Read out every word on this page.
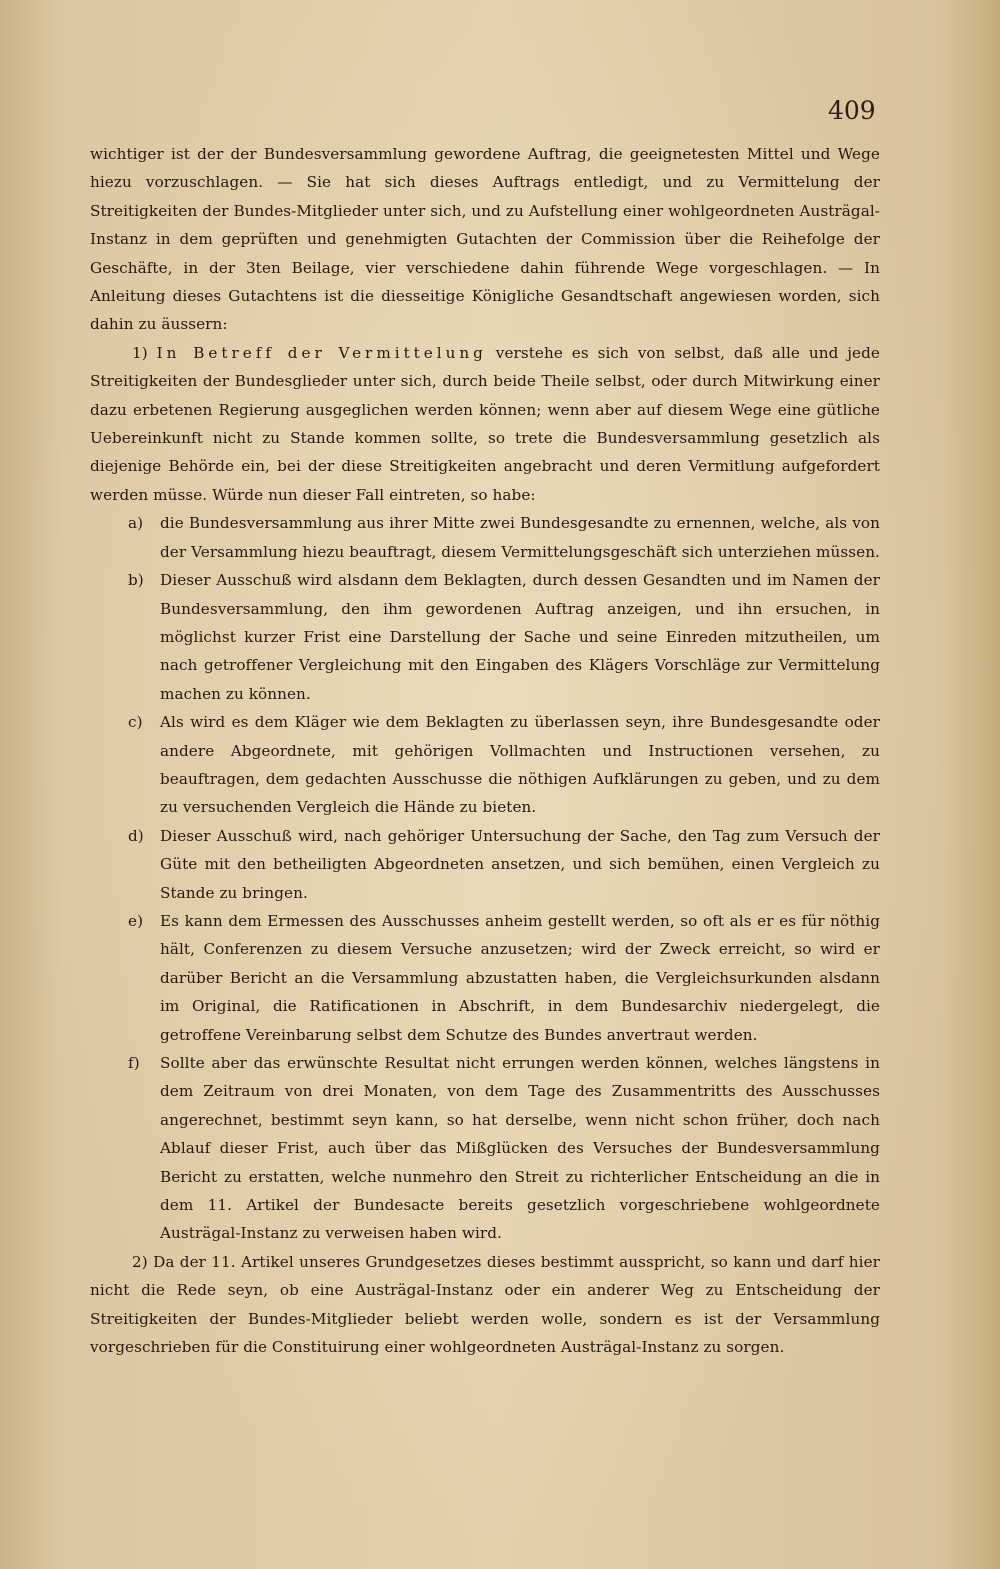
409

wichtiger ist der der Bundesversammlung gewordene Auftrag, die geeignetesten Mittel und Wege hiezu vorzuschlagen. — Sie hat sich dieses Auftrags entledigt, und zu Vermittelung der Streitigkeiten der Bundes-Mitglieder unter sich, und zu Aufstellung einer wohlgeordneten Austrägal-Instanz in dem geprüften und genehmigten Gutachten der Commission über die Reihefolge der Geschäfte, in der 3ten Beilage, vier verschiedene dahin führende Wege vorgeschlagen. — In Anleitung dieses Gutachtens ist die diesseitige Königliche Gesandtschaft angewiesen worden, sich dahin zu äussern:

1) In Betreff der Vermittelung verstehe es sich von selbst, daß alle und jede Streitigkeiten der Bundesglieder unter sich, durch beide Theile selbst, oder durch Mitwirkung einer dazu erbetenen Regierung ausgeglichen werden können; wenn aber auf diesem Wege eine gütliche Uebereinkunft nicht zu Stande kommen sollte, so trete die Bundesversammlung gesetzlich als diejenige Behörde ein, bei der diese Streitigkeiten angebracht und deren Vermitlung aufgefordert werden müsse. Würde nun dieser Fall eintreten, so habe:

a) die Bundesversammlung aus ihrer Mitte zwei Bundesgesandte zu ernennen, welche, als von der Versammlung hiezu beauftragt, diesem Vermittelungsgeschäft sich unterziehen müssen.
b) Dieser Ausschuß wird alsdann dem Beklagten, durch dessen Gesandten und im Namen der Bundesversammlung, den ihm gewordenen Auftrag anzeigen, und ihn ersuchen, in möglichst kurzer Frist eine Darstellung der Sache und seine Einreden mitzutheilen, um nach getroffener Vergleichung mit den Eingaben des Klägers Vorschläge zur Vermittelung machen zu können.
c) Als wird es dem Kläger wie dem Beklagten zu überlassen seyn, ihre Bundesgesandte oder andere Abgeordnete, mit gehörigen Vollmachten und Instructionen versehen, zu beauftragen, dem gedachten Ausschusse die nöthigen Aufklärungen zu geben, und zu dem zu versuchenden Vergleich die Hände zu bieten.
d) Dieser Ausschuß wird, nach gehöriger Untersuchung der Sache, den Tag zum Versuch der Güte mit den betheiligten Abgeordneten ansetzen, und sich bemühen, einen Vergleich zu Stande zu bringen.
e) Es kann dem Ermessen des Ausschusses anheim gestellt werden, so oft als er es für nöthig hält, Conferenzen zu diesem Versuche anzusetzen; wird der Zweck erreicht, so wird er darüber Bericht an die Versammlung abzustatten haben, die Vergleichsurkunden alsdann im Original, die Ratificationen in Abschrift, in dem Bundesarchiv niedergelegt, die getroffene Vereinbarung selbst dem Schutze des Bundes anvertraut werden.
f) Sollte aber das erwünschte Resultat nicht errungen werden können, welches längstens in dem Zeitraum von drei Monaten, von dem Tage des Zusammentritts des Ausschusses angerechnet, bestimmt seyn kann, so hat derselbe, wenn nicht schon früher, doch nach Ablauf dieser Frist, auch über das Mißglücken des Versuches der Bundesversammlung Bericht zu erstatten, welche nunmehro den Streit zu richterlicher Entscheidung an die in dem 11. Artikel der Bundesacte bereits gesetzlich vorgeschriebene wohlgeordnete Austrägal-Instanz zu verweisen haben wird.

2) Da der 11. Artikel unseres Grundgesetzes dieses bestimmt ausspricht, so kann und darf hier nicht die Rede seyn, ob eine Austrägal-Instanz oder ein anderer Weg zu Entscheidung der Streitigkeiten der Bundes-Mitglieder beliebt werden wolle, sondern es ist der Versammlung vorgeschrieben für die Constituirung einer wohlgeordneten Austrägal-Instanz zu sorgen.
